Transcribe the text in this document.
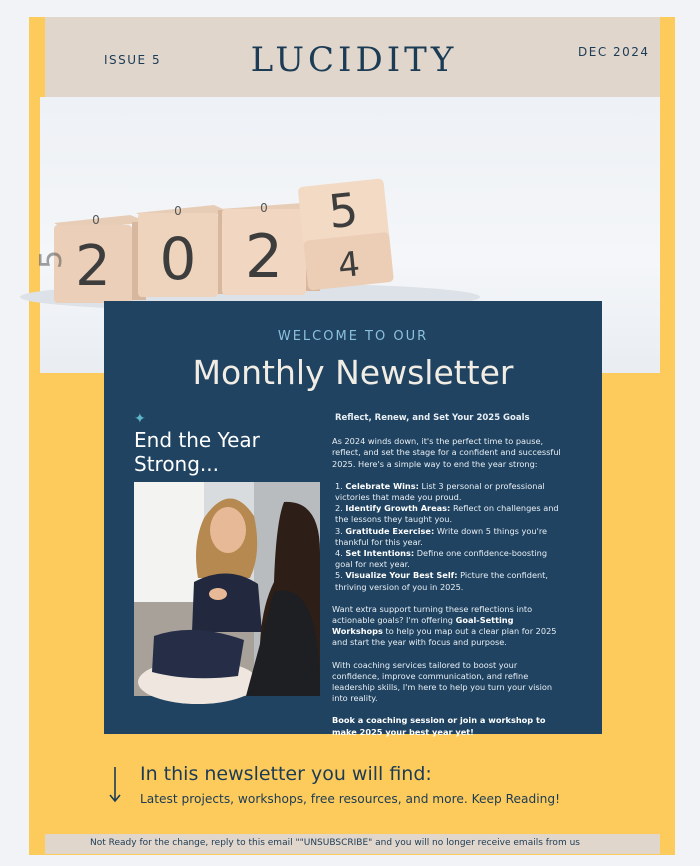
ISSUE 5	LUCIDITY	DEC 2024
2
5
0
0
0
2
0 5
4
WELCOME TO OUR
Monthly Newsletter
✦
End the Year
Strong...

Reflect, Renew, and Set Your 2025 Goals

As 2024 winds down, it's the perfect time to pause, reflect, and set the stage for a confident and successful 2025. Here's a simple way to end the year strong:

1. Celebrate Wins: List 3 personal or professional victories that made you proud.
2. Identify Growth Areas: Reflect on challenges and the lessons they taught you.
3. Gratitude Exercise: Write down 5 things you're thankful for this year.
4. Set Intentions: Define one confidence-boosting goal for next year.
5. Visualize Your Best Self: Picture the confident, thriving version of you in 2025.

Want extra support turning these reflections into actionable goals? I'm offering Goal-Setting Workshops to help you map out a clear plan for 2025 and start the year with focus and purpose.

With coaching services tailored to boost your confidence, improve communication, and refine leadership skills, I'm here to help you turn your vision into reality.

Book a coaching session or join a workshop to make 2025 your best year yet!

In this newsletter you will find:
Latest projects, workshops, free resources, and more. Keep Reading!
Not Ready for the change, reply to this email ""UNSUBSCRIBE" and you will no longer receive emails from us
